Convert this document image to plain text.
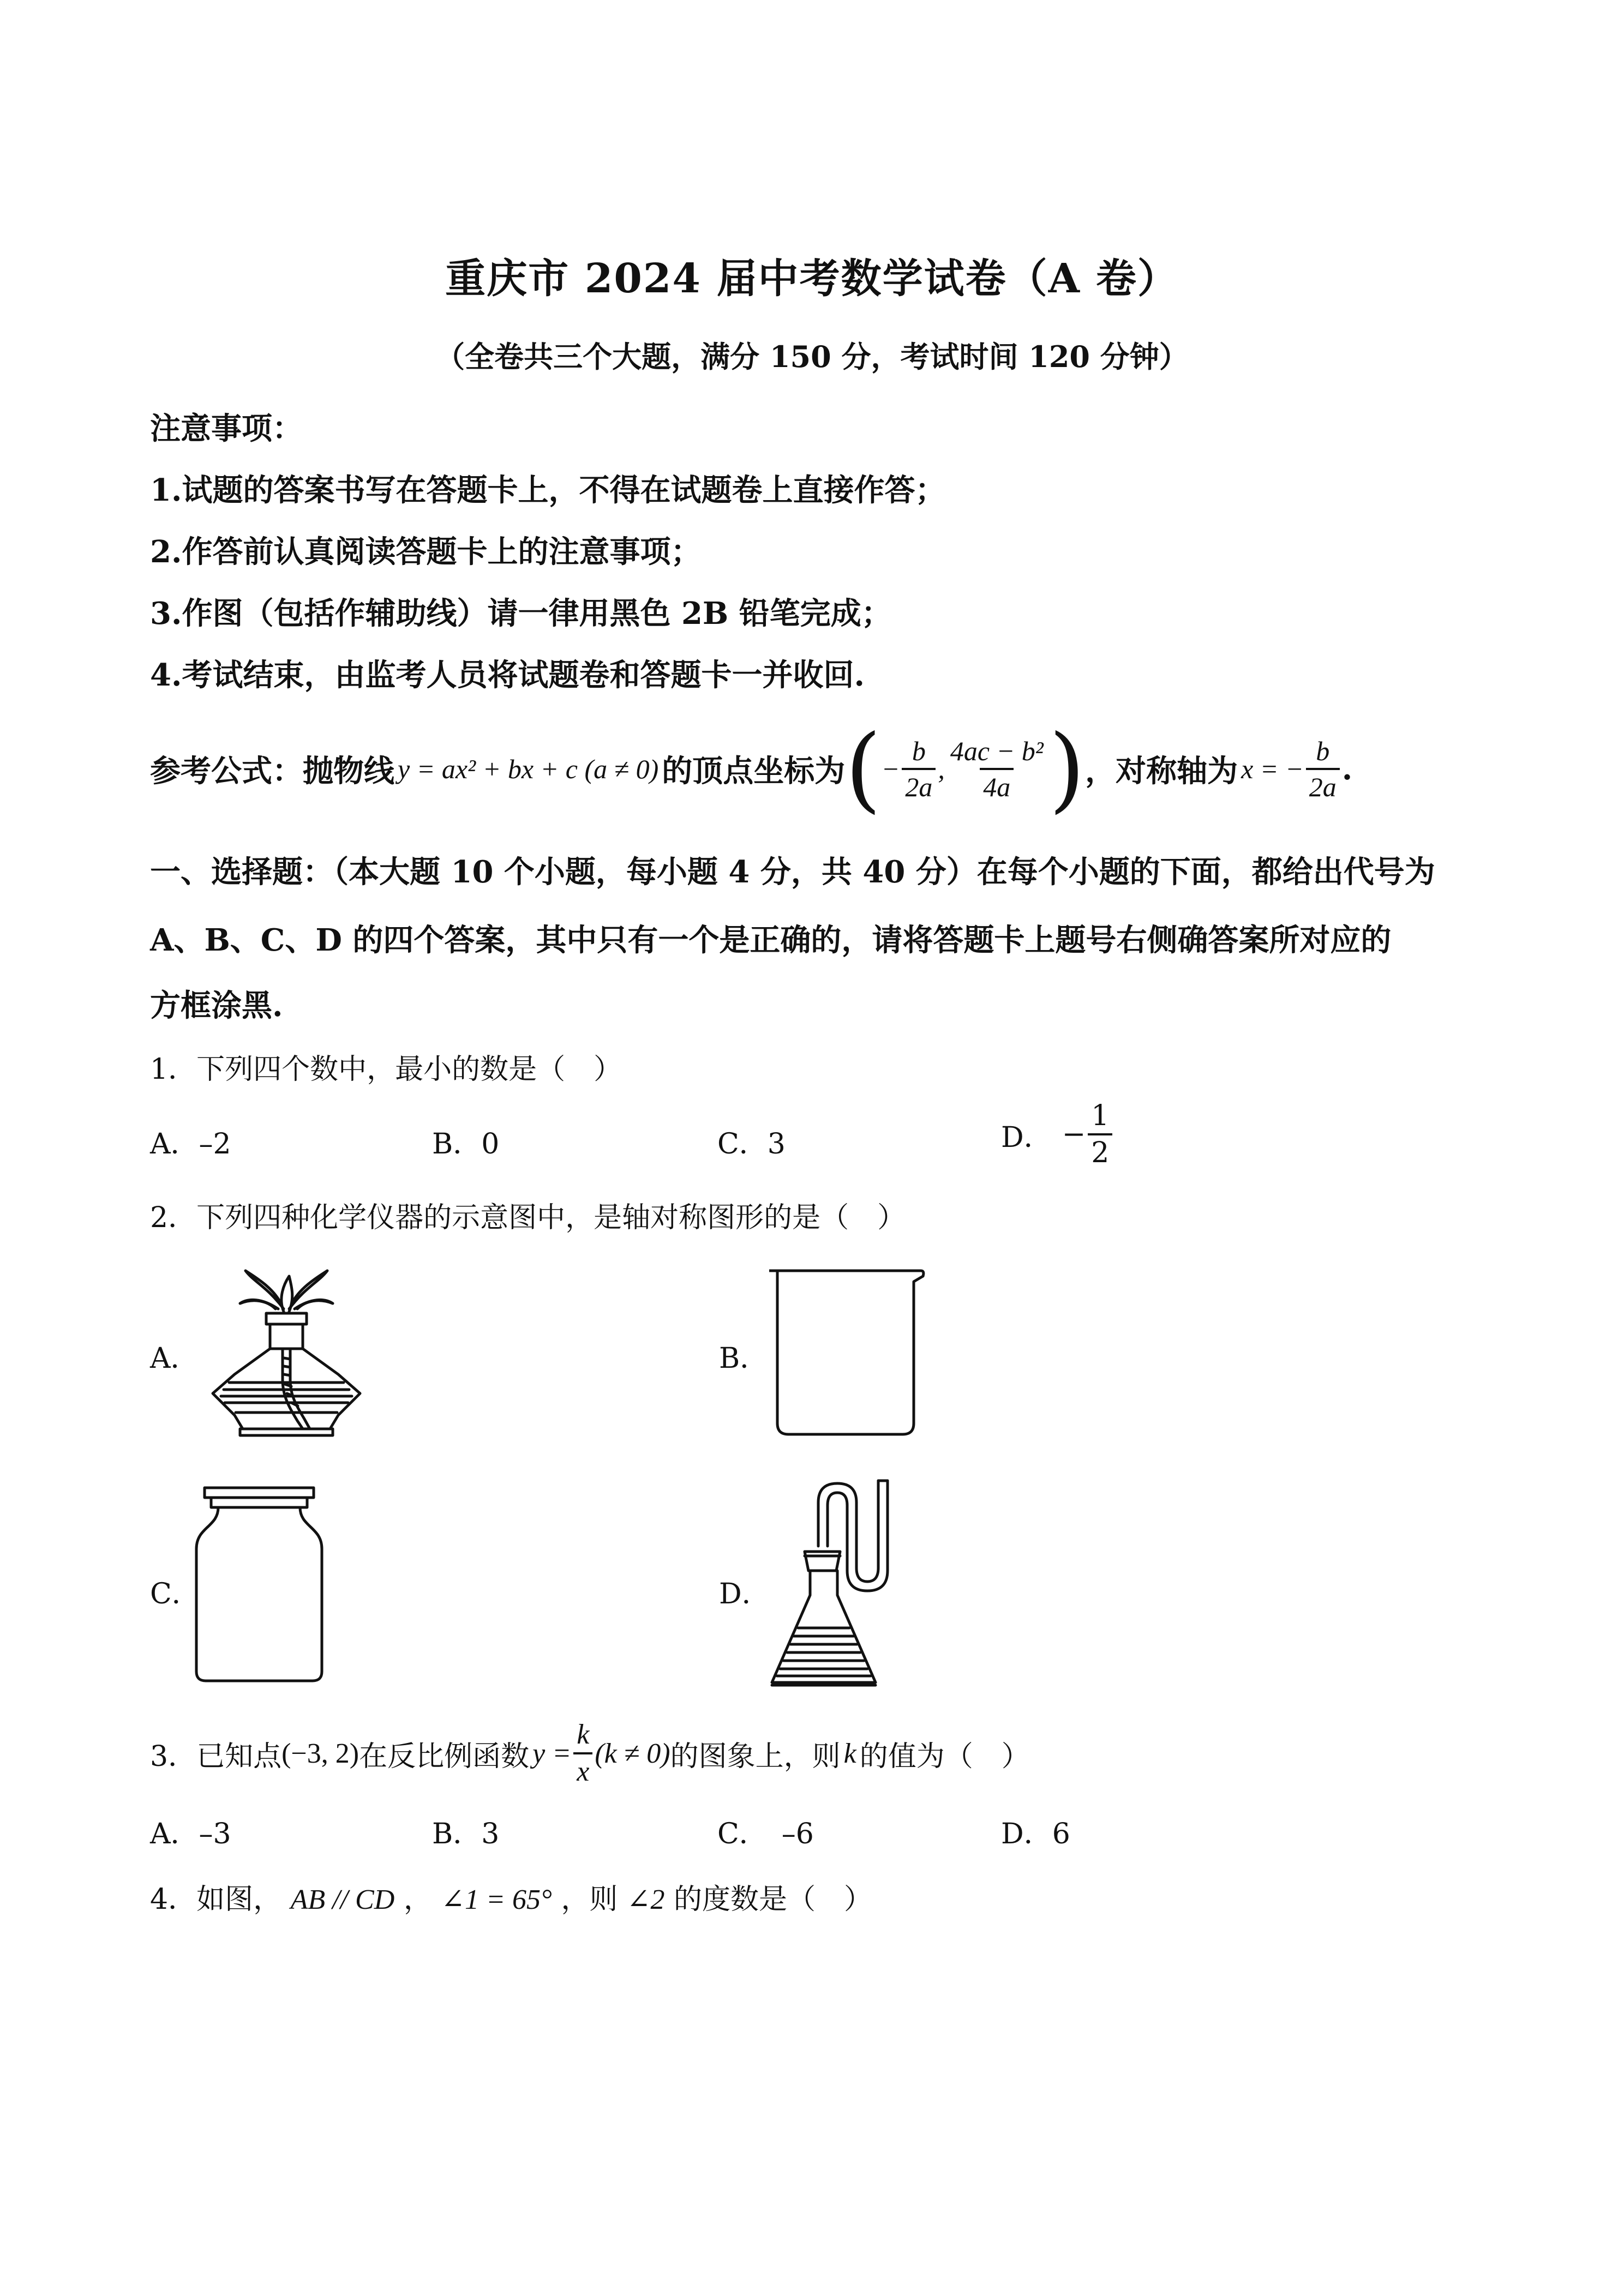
重庆市 2024 届中考数学试卷（A 卷）
（全卷共三个大题，满分 150 分，考试时间 120 分钟）
注意事项：
1.试题的答案书写在答题卡上，不得在试题卷上直接作答；
2.作答前认真阅读答题卡上的注意事项；
3.作图（包括作辅助线）请一律用黑色 2B 铅笔完成；
4.考试结束，由监考人员将试题卷和答题卡一并收回.
参考公式：抛物线 y = ax² + bx + c (a ≠ 0) 的顶点坐标为 ( − $\frac{b}{2a}$ , $\frac{\text{4ac − b²}}{4a}$ ) ，对称轴为 x = − $\frac{b}{2a}$ .
一、选择题：（本大题 10 个小题，每小题 4 分，共 40 分）在每个小题的下面，都给出代号为
A、B、C、D 的四个答案，其中只有一个是正确的，请将答题卡上题号右侧确答案所对应的
方框涂黑.
1．下列四个数中，最小的数是（　）
A．–2	B．0	C．3	D． − $\frac{1}{2}$
2．下列四种化学仪器的示意图中，是轴对称图形的是（　）
A．	B．
C．	D．
3．已知点 (−3, 2) 在反比例函数 $y = \frac{k}{x} (k \ne 0)$ 的图象上，则 k 的值为（　）
A．–3	B．3	C．　–6	D．6
4．如图， AB // CD ， ∠1 = 65° ，则 ∠2 的度数是（　）
